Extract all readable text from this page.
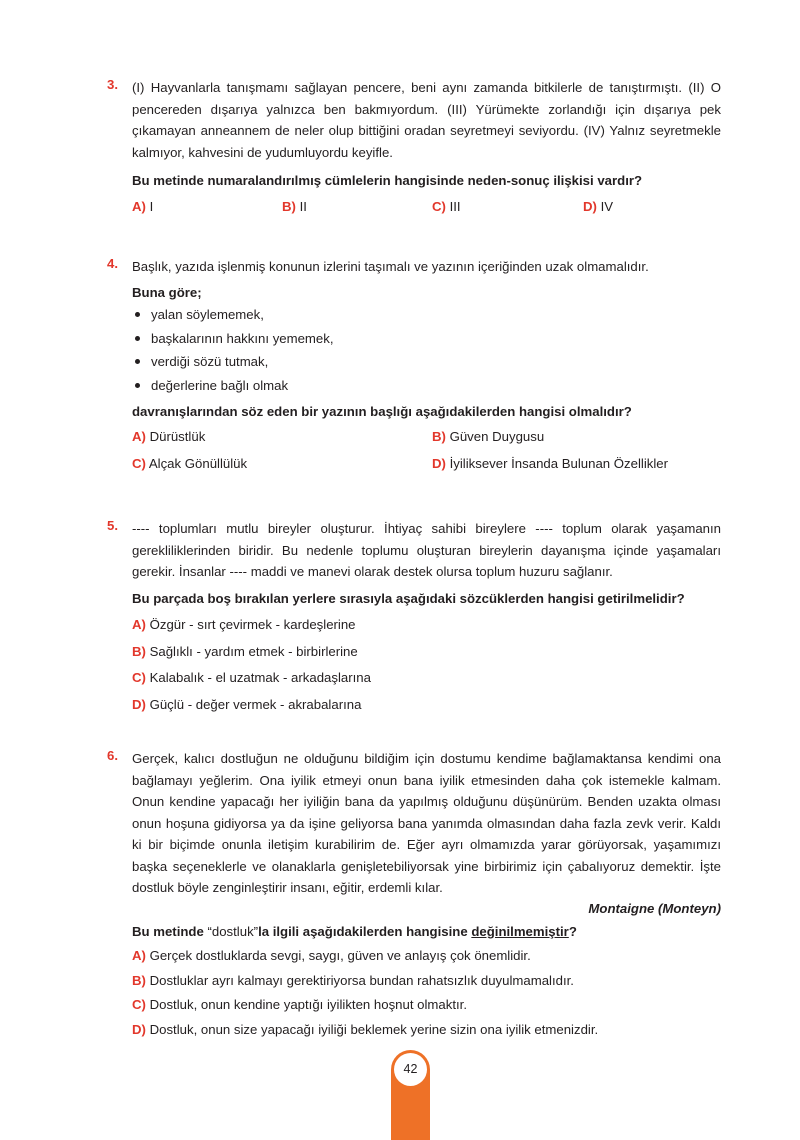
3. (I) Hayvanlarla tanışmamı sağlayan pencere, beni aynı zamanda bitkilerle de tanıştırmıştı. (II) O pencereden dışarıya yalnızca ben bakmıyordum. (III) Yürümekte zorlandığı için dışarıya pek çıkamayan anneannem de neler olup bittiğini oradan seyretmeyi seviyordu. (IV) Yalnız seyretmekle kalmıyor, kahvesini de yudumluyordu keyifle.
Bu metinde numaralandırılmış cümlelerin hangisinde neden-sonuç ilişkisi vardır?
A) I	B) II	C) III	D) IV
4. Başlık, yazıda işlenmiş konunun izlerini taşımalı ve yazının içeriğinden uzak olmamalıdır.
Buna göre;
yalan söylememek,
başkalarının hakkını yememek,
verdiği sözü tutmak,
değerlerine bağlı olmak
davranışlarından söz eden bir yazının başlığı aşağıdakilerden hangisi olmalıdır?
A) Dürüstlük	B) Güven Duygusu
C) Alçak Gönüllülük	D) İyiliksever İnsanda Bulunan Özellikler
5. ---- toplumları mutlu bireyler oluşturur. İhtiyaç sahibi bireylere ---- toplum olarak yaşamanın gerekliliklerinden biridir. Bu nedenle toplumu oluşturan bireylerin dayanışma içinde yaşamaları gerekir. İnsanlar ---- maddi ve manevi olarak destek olursa toplum huzuru sağlanır.
Bu parçada boş bırakılan yerlere sırasıyla aşağıdaki sözcüklerden hangisi getirilmelidir?
A) Özgür - sırt çevirmek - kardeşlerine
B) Sağlıklı - yardım etmek - birbirlerine
C) Kalabalık - el uzatmak - arkadaşlarına
D) Güçlü - değer vermek - akrabalarına
6. Gerçek, kalıcı dostluğun ne olduğunu bildiğim için dostumu kendime bağlamaktansa kendimi ona bağlamayı yeğlerim. Ona iyilik etmeyi onun bana iyilik etmesinden daha çok istemekle kalmam. Onun kendine yapacağı her iyiliğin bana da yapılmış olduğunu düşünürüm. Benden uzakta olması onun hoşuna gidiyorsa ya da işine geliyorsa bana yanımda olmasından daha fazla zevk verir. Kaldı ki bir biçimde onunla iletişim kurabilirim de. Eğer ayrı olmamızda yarar görüyorsak, yaşamımızı başka seçeneklerle ve olanaklarla genişletebiliyorsak yine birbirimiz için çabalıyoruz demektir. İşte dostluk böyle zenginleştirir insanı, eğitir, erdemli kılar.
Montaigne (Monteyn)
Bu metinde “dostluk”la ilgili aşağıdakilerden hangisine değinilmemiştir?
A) Gerçek dostluklarda sevgi, saygı, güven ve anlayış çok önemlidir.
B) Dostluklar ayrı kalmayı gerektiriyorsa bundan rahatsızlık duyulmamalıdır.
C) Dostluk, onun kendine yaptığı iyilikten hoşnut olmaktır.
D) Dostluk, onun size yapacağı iyiliği beklemek yerine sizin ona iyilik etmenizdir.
42
